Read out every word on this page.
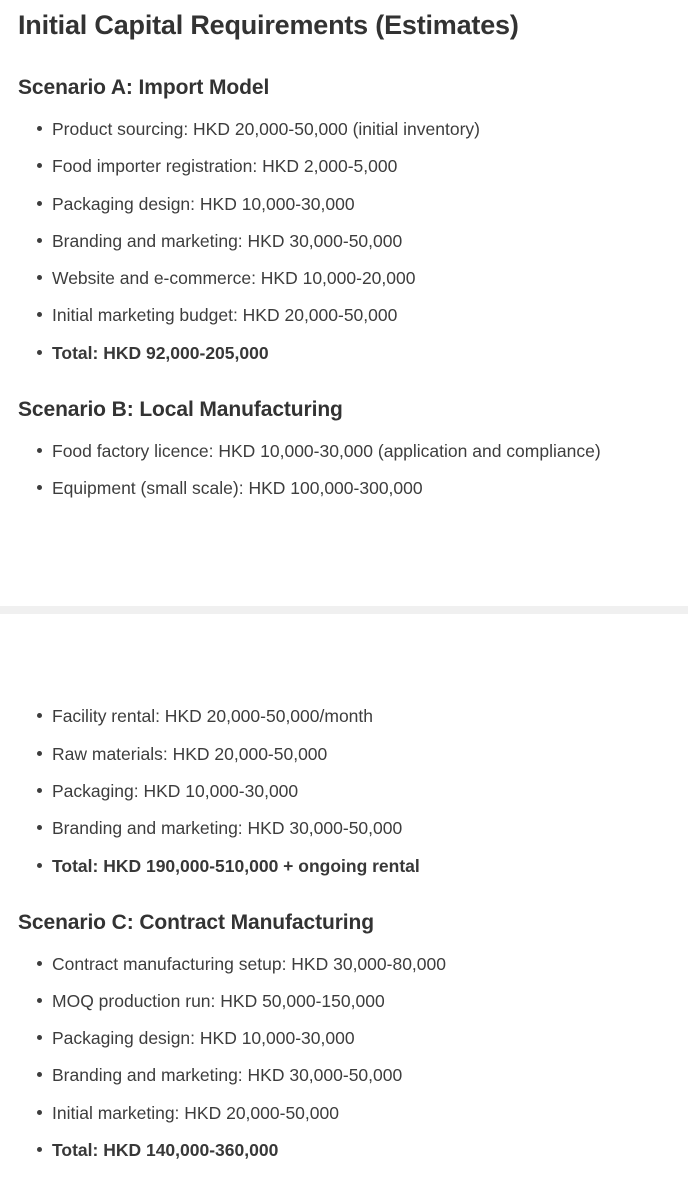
Initial Capital Requirements (Estimates)
Scenario A: Import Model
Product sourcing: HKD 20,000-50,000 (initial inventory)
Food importer registration: HKD 2,000-5,000
Packaging design: HKD 10,000-30,000
Branding and marketing: HKD 30,000-50,000
Website and e-commerce: HKD 10,000-20,000
Initial marketing budget: HKD 20,000-50,000
Total: HKD 92,000-205,000
Scenario B: Local Manufacturing
Food factory licence: HKD 10,000-30,000 (application and compliance)
Equipment (small scale): HKD 100,000-300,000
Facility rental: HKD 20,000-50,000/month
Raw materials: HKD 20,000-50,000
Packaging: HKD 10,000-30,000
Branding and marketing: HKD 30,000-50,000
Total: HKD 190,000-510,000 + ongoing rental
Scenario C: Contract Manufacturing
Contract manufacturing setup: HKD 30,000-80,000
MOQ production run: HKD 50,000-150,000
Packaging design: HKD 10,000-30,000
Branding and marketing: HKD 30,000-50,000
Initial marketing: HKD 20,000-50,000
Total: HKD 140,000-360,000
